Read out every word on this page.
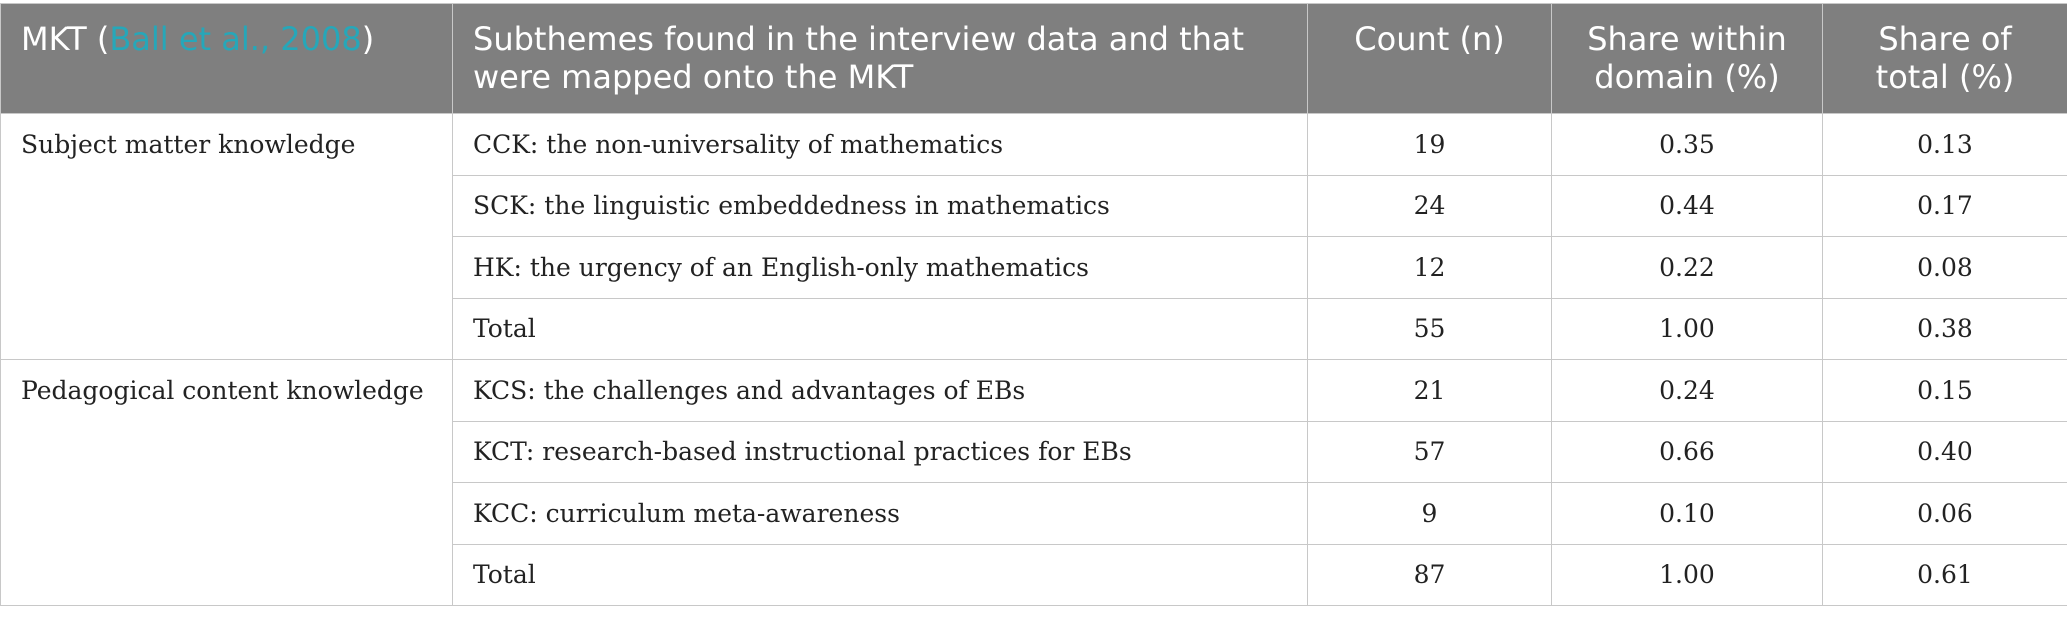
MKT (Ball et al., 2008)	Subthemes found in the interview data and that were mapped onto the MKT	Count (n)	Share within domain (%)	Share of total (%)
Subject matter knowledge	CCK: the non-universality of mathematics	19	0.35	0.13
	SCK: the linguistic embeddedness in mathematics	24	0.44	0.17
	HK: the urgency of an English-only mathematics	12	0.22	0.08
	Total	55	1.00	0.38
Pedagogical content knowledge	KCS: the challenges and advantages of EBs	21	0.24	0.15
	KCT: research-based instructional practices for EBs	57	0.66	0.40
	KCC: curriculum meta-awareness	9	0.10	0.06
	Total	87	1.00	0.61
